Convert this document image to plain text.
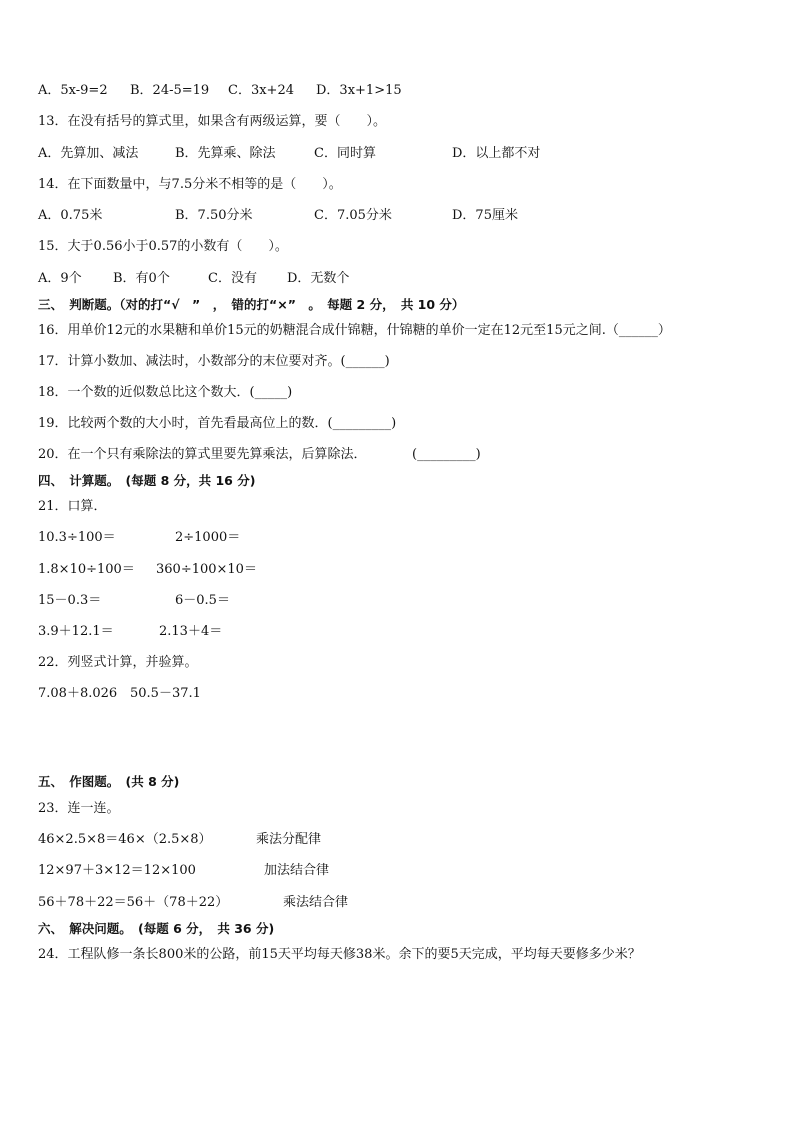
A．5x-9=2 B．24-5=19 C．3x+24 D．3x+1>15
13．在没有括号的算式里，如果含有两级运算，要（　　）。
A．先算加、减法	B．先算乘、除法	C．同时算	D．以上都不对
14．在下面数量中，与7.5分米不相等的是（　　）。
A．0.75米	B．7.50分米	C．7.05分米	D．75厘米
15．大于0.56小于0.57的小数有（　　）。
A．9个 B．有0个	C．没有 D．无数个
三、　判断题。（对的打“√　”　，　错的打“×”　。　每题 2 分，　共 10 分）
16．用单价12元的水果糖和单价15元的奶糖混合成什锦糖，什锦糖的单价一定在12元至15元之间.（______）
17．计算小数加、减法时，小数部分的末位要对齐。(______)
18．一个数的近似数总比这个数大．(_____)
19．比较两个数的大小时，首先看最高位上的数．(_________)
20．在一个只有乘除法的算式里要先算乘法，后算除法．　　　　(_________)
四、　计算题。　(每题 8 分，共 16 分)
21．口算．
10.3÷100＝	2÷1000＝
1.8×10÷100＝ 360÷100×10＝
15－0.3＝	6－0.5＝
3.9＋12.1＝	2.13＋4＝
22．列竖式计算，并验算。
7.08＋8.026 50.5－37.1
五、　作图题。　(共 8 分)
23．连一连。
46×2.5×8＝46×（2.5×8）	乘法分配律
12×97＋3×12＝12×100	加法结合律
56＋78＋22＝56＋（78＋22）	乘法结合律
六、　解决问题。　(每题 6 分，　共 36 分)
24．工程队修一条长800米的公路，前15天平均每天修38米。余下的要5天完成，平均每天要修多少米？
